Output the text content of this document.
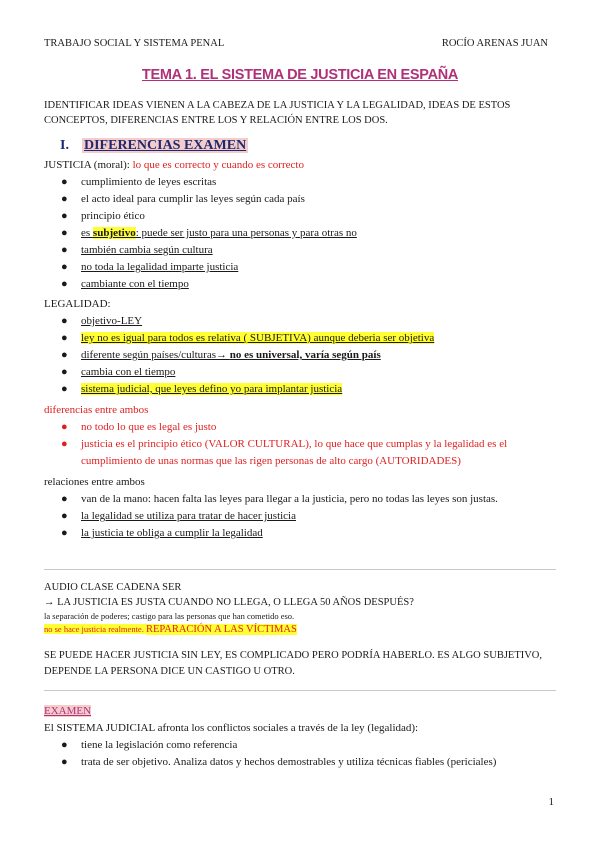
TRABAJO SOCIAL Y SISTEMA PENAL	ROCÍO ARENAS JUAN
TEMA 1. EL SISTEMA DE JUSTICIA EN ESPAÑA
IDENTIFICAR IDEAS VIENEN A LA CABEZA DE LA JUSTICIA Y LA LEGALIDAD, IDEAS DE ESTOS CONCEPTOS, DIFERENCIAS ENTRE LOS Y RELACIÓN ENTRE LOS DOS.
I. DIFERENCIAS EXAMEN
JUSTICIA (moral): lo que es correcto y cuando es correcto
● cumplimiento de leyes escritas
● el acto ideal para cumplir las leyes según cada país
● principio ético
● es subjetivo: puede ser justo para una personas y para otras no
● también cambia según cultura
● no toda la legalidad imparte justicia
● cambiante con el tiempo
LEGALIDAD:
● objetivo-LEY
● ley no es igual para todos es relativa ( SUBJETIVA) aunque deberia ser objetiva
● diferente según países/culturas→ no es universal, varía según país
● cambia con el tiempo
● sistema judicial, que leyes defino yo para implantar justicia
diferencias entre ambos
● no todo lo que es legal es justo
● justicia es el principio ético (VALOR CULTURAL), lo que hace que cumplas y la legalidad es el cumplimiento de unas normas que las rigen personas de alto cargo (AUTORIDADES)
relaciones entre ambos
● van de la mano: hacen falta las leyes para llegar a la justicia, pero no todas las leyes son justas.
● la legalidad se utiliza para tratar de hacer justicia
● la justicia te obliga a cumplir la legalidad
AUDIO CLASE CADENA SER
→ LA JUSTICIA ES JUSTA CUANDO NO LLEGA, O LLEGA 50 AÑOS DESPUÉS?
la separación de poderes; castigo para las personas que han cometido eso.
no se hace justicia realmente. REPARACIÓN A LAS VÍCTIMAS
SE PUEDE HACER JUSTICIA SIN LEY, ES COMPLICADO PERO PODRÍA HABERLO. ES ALGO SUBJETIVO, DEPENDE LA PERSONA DICE UN CASTIGO U OTRO.
EXAMEN
El SISTEMA JUDICIAL afronta los conflictos sociales a través de la ley (legalidad):
● tiene la legislación como referencia
● trata de ser objetivo. Analiza datos y hechos demostrables y utiliza técnicas fiables (periciales)
1
